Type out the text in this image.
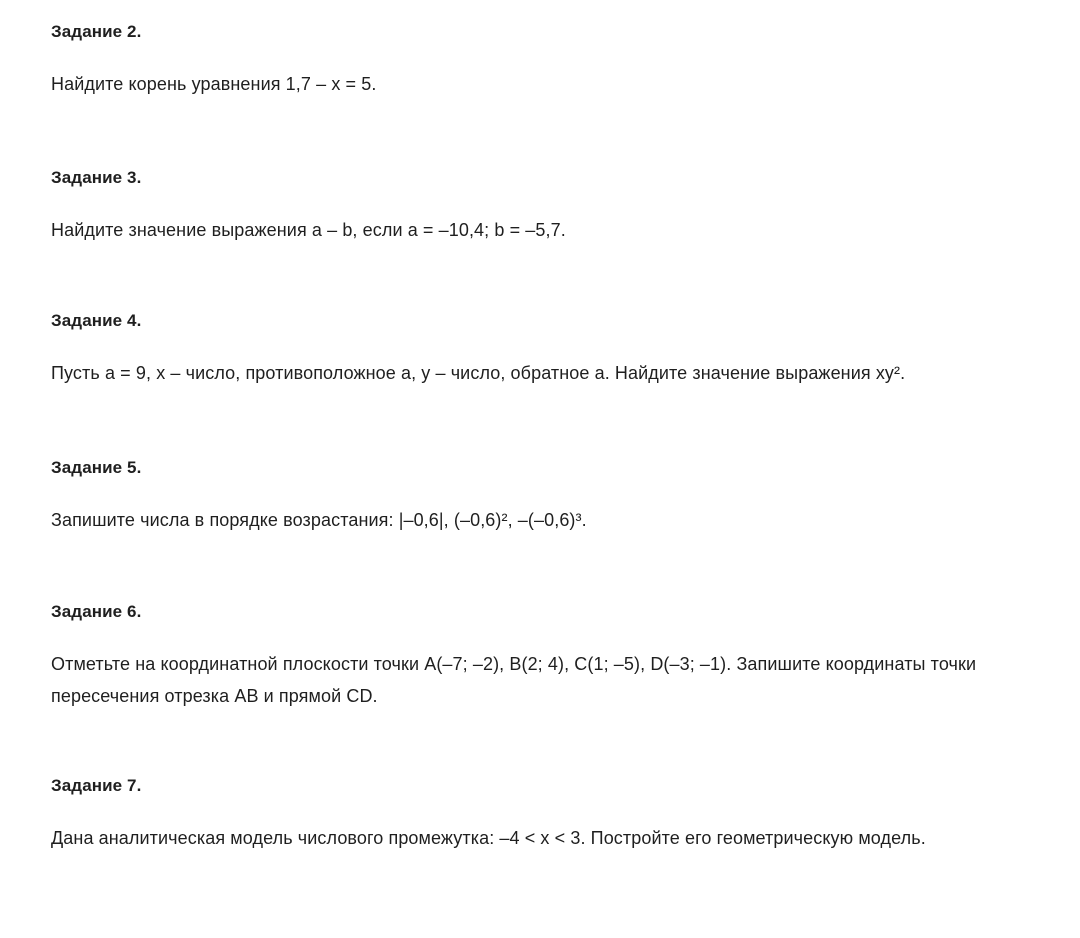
Задание 2.

Найдите корень уравнения 1,7 – x = 5.

Задание 3.

Найдите значение выражения a – b, если a = –10,4; b = –5,7.

Задание 4.

Пусть a = 9, x – число, противоположное a, y – число, обратное a. Найдите значение выражения xy².

Задание 5.

Запишите числа в порядке возрастания: |–0,6|, (–0,6)², –(–0,6)³.

Задание 6.

Отметьте на координатной плоскости точки A(–7; –2), B(2; 4), C(1; –5), D(–3; –1). Запишите координаты точки пересечения отрезка AB и прямой CD.

Задание 7.

Дана аналитическая модель числового промежутка: –4 < x < 3. Постройте его геометрическую модель.
